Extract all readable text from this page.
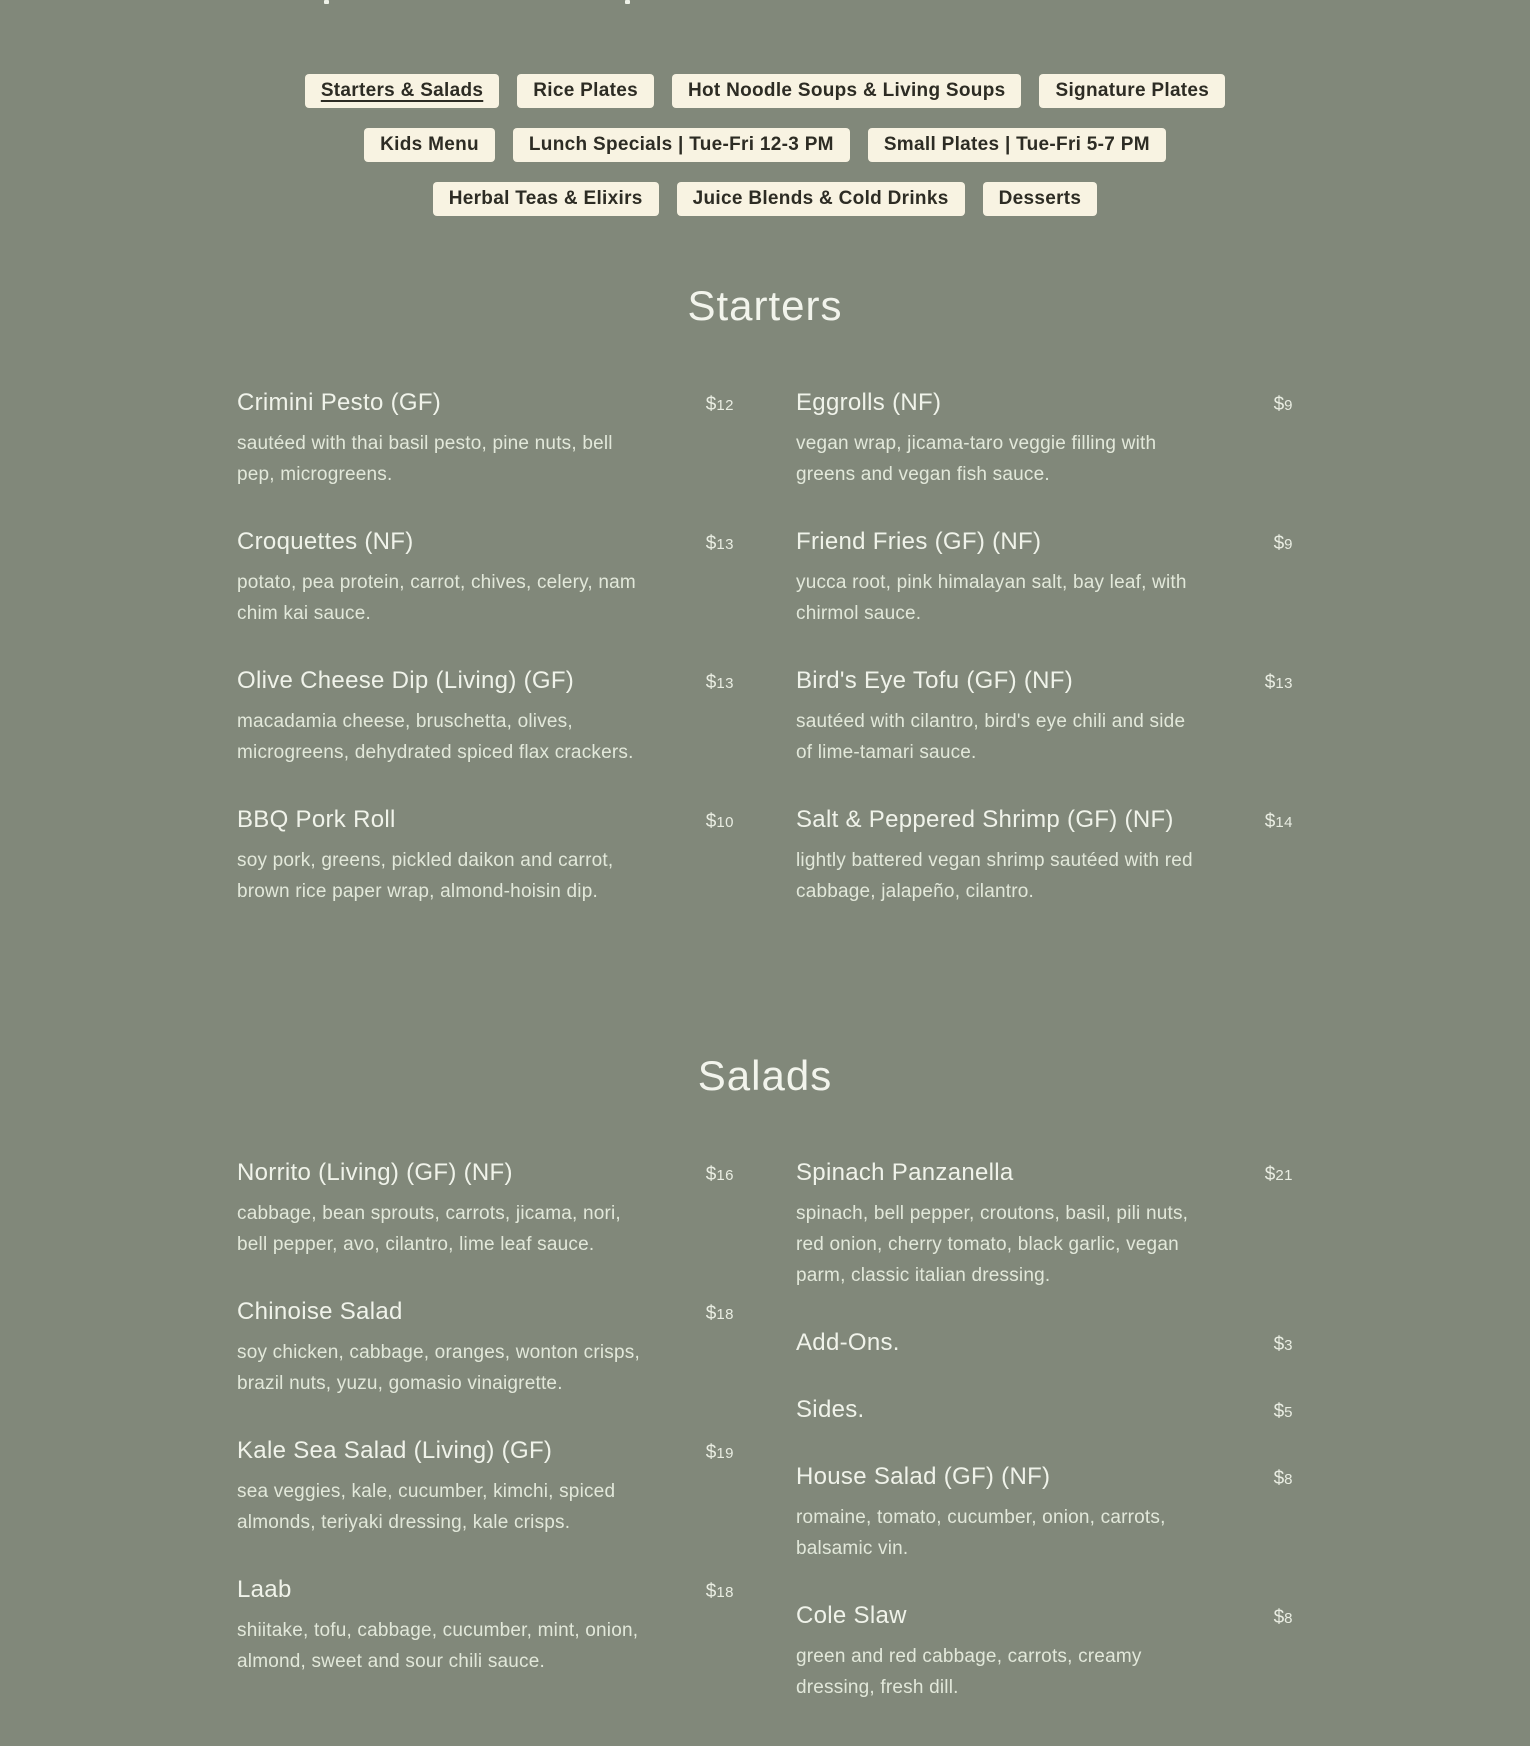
Starters & Salads	Rice Plates	Hot Noodle Soups & Living Soups	Signature Plates
Kids Menu	Lunch Specials | Tue-Fri 12-3 PM	Small Plates | Tue-Fri 5-7 PM
Herbal Teas & Elixirs	Juice Blends & Cold Drinks	Desserts
Starters
Crimini Pesto (GF)	$12
sautéed with thai basil pesto, pine nuts, bell pep, microgreens.
Croquettes (NF)	$13
potato, pea protein, carrot, chives, celery, nam chim kai sauce.
Olive Cheese Dip (Living) (GF)	$13
macadamia cheese, bruschetta, olives, microgreens, dehydrated spiced flax crackers.
BBQ Pork Roll	$10
soy pork, greens, pickled daikon and carrot, brown rice paper wrap, almond-hoisin dip.
Eggrolls (NF)	$9
vegan wrap, jicama-taro veggie filling with greens and vegan fish sauce.
Friend Fries (GF) (NF)	$9
yucca root, pink himalayan salt, bay leaf, with chirmol sauce.
Bird's Eye Tofu (GF) (NF)	$13
sautéed with cilantro, bird's eye chili and side of lime-tamari sauce.
Salt & Peppered Shrimp (GF) (NF)	$14
lightly battered vegan shrimp sautéed with red cabbage, jalapeño, cilantro.
Salads
Norrito (Living) (GF) (NF)	$16
cabbage, bean sprouts, carrots, jicama, nori, bell pepper, avo, cilantro, lime leaf sauce.
Chinoise Salad	$18
soy chicken, cabbage, oranges, wonton crisps, brazil nuts, yuzu, gomasio vinaigrette.
Kale Sea Salad (Living) (GF)	$19
sea veggies, kale, cucumber, kimchi, spiced almonds, teriyaki dressing, kale crisps.
Laab	$18
shiitake, tofu, cabbage, cucumber, mint, onion, almond, sweet and sour chili sauce.
Spinach Panzanella	$21
spinach, bell pepper, croutons, basil, pili nuts, red onion, cherry tomato, black garlic, vegan parm, classic italian dressing.
Add-Ons.	$3
Sides.	$5
House Salad (GF) (NF)	$8
romaine, tomato, cucumber, onion, carrots, balsamic vin.
Cole Slaw	$8
green and red cabbage, carrots, creamy dressing, fresh dill.
